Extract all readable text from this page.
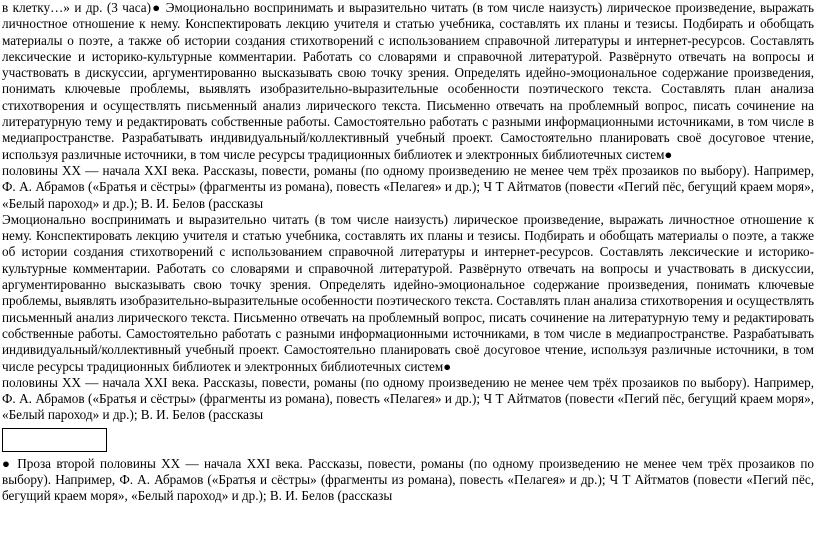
в клетку…» и др. (3 часа)● Эмоционально воспринимать и выразительно читать (в том числе наизусть) лирическое произведение, выражать личностное отношение к нему. Конспектировать лекцию учителя и статью учебника, составлять их планы и тезисы. Подбирать и обобщать материалы о поэте, а также об истории создания стихотворений с использованием справочной литературы и интернет-ресурсов. Составлять лексические и историко-культурные комментарии. Работать со словарями и справочной литературой. Развёрнуто отвечать на вопросы и участвовать в дискуссии, аргументированно высказывать свою точку зрения. Определять идейно-эмоциональное содержание произведения, понимать ключевые проблемы, выявлять изобразительно-выразительные особенности поэтического текста. Составлять план анализа стихотворения и осуществлять письменный анализ лирического текста. Письменно отвечать на проблемный вопрос, писать сочинение на литературную тему и редактировать собственные работы. Самостоятельно работать с разными информационными источниками, в том числе в медиапространстве. Разрабатывать индивидуальный/коллективный учебный проект. Самостоятельно планировать своё досуговое чтение, используя различные источники, в том числе ресурсы традиционных библиотек и электронных библиотечных систем●

половины XX — начала XXI века. Рассказы, повести, романы (по одному произведению не менее чем трёх прозаиков по выбору). Например, Ф. А. Абрамов («Братья и сёстры» (фрагменты из романа), повесть «Пелагея» и др.); Ч Т Айтматов (повести «Пегий пёс, бегущий краем моря», «Белый пароход» и др.); В. И. Белов (рассказы

Эмоционально воспринимать и выразительно читать (в том числе наизусть) лирическое произведение, выражать личностное отношение к нему. Конспектировать лекцию учителя и статью учебника, составлять их планы и тезисы. Подбирать и обобщать материалы о поэте, а также об истории создания стихотворений с использованием справочной литературы и интернет-ресурсов. Составлять лексические и историко-культурные комментарии. Работать со словарями и справочной литературой. Развёрнуто отвечать на вопросы и участвовать в дискуссии, аргументированно высказывать свою точку зрения. Определять идейно-эмоциональное содержание произведения, понимать ключевые проблемы, выявлять изобразительно-выразительные особенности поэтического текста. Составлять план анализа стихотворения и осуществлять письменный анализ лирического текста. Письменно отвечать на проблемный вопрос, писать сочинение на литературную тему и редактировать собственные работы. Самостоятельно работать с разными информационными источниками, в том числе в медиапространстве. Разрабатывать индивидуальный/коллективный учебный проект. Самостоятельно планировать своё досуговое чтение, используя различные источники, в том числе ресурсы традиционных библиотек и электронных библиотечных систем●

половины XX — начала XXI века. Рассказы, повести, романы (по одному произведению не менее чем трёх прозаиков по выбору). Например, Ф. А. Абрамов («Братья и сёстры» (фрагменты из романа), повесть «Пелагея» и др.); Ч Т Айтматов (повести «Пегий пёс, бегущий краем моря», «Белый пароход» и др.); В. И. Белов (рассказы

● Проза второй половины XX — начала XXI века. Рассказы, повести, романы (по одному произведению не менее чем трёх прозаиков по выбору). Например, Ф. А. Абрамов («Братья и сёстры» (фрагменты из романа), повесть «Пелагея» и др.); Ч Т Айтматов (повести «Пегий пёс, бегущий краем моря», «Белый пароход» и др.); В. И. Белов (рассказы
